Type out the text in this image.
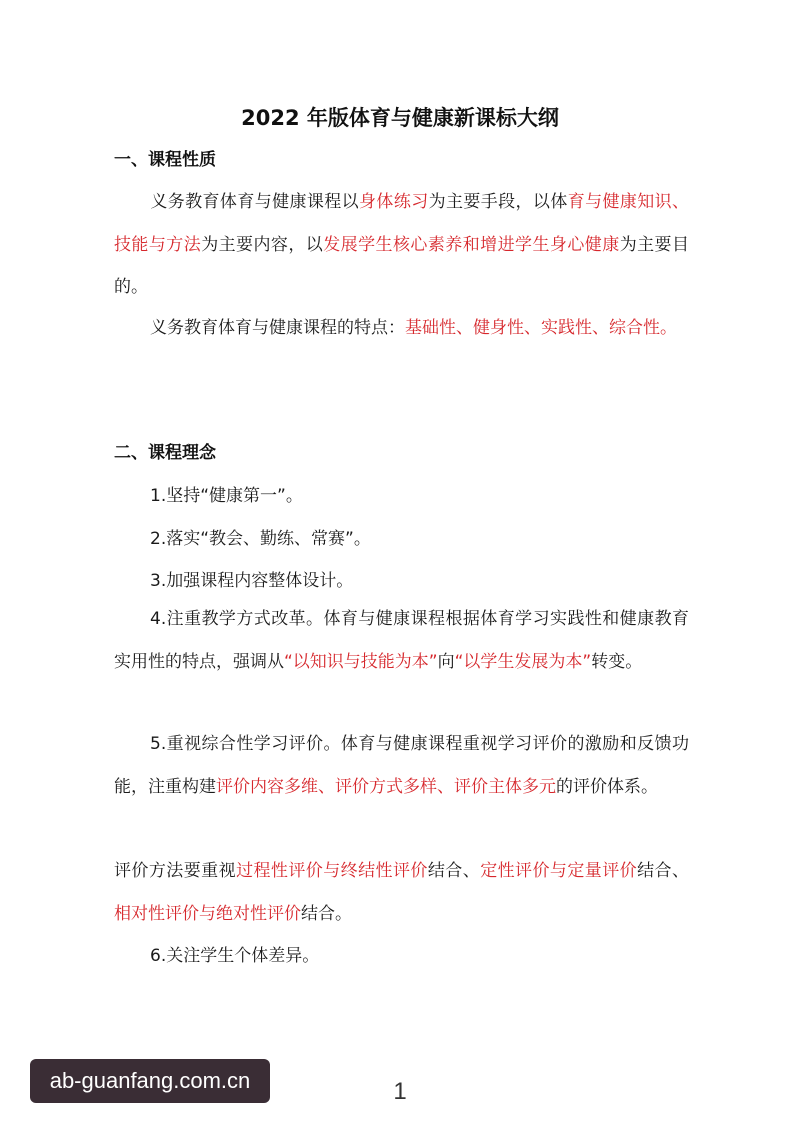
2022 年版体育与健康新课标大纲
一、课程性质

义务教育体育与健康课程以身体练习为主要手段，以体育与健康知识、技能与方法为主要内容，以发展学生核心素养和增进学生身心健康为主要目的。

义务教育体育与健康课程的特点：基础性、健身性、实践性、综合性。

二、课程理念
1.坚持“健康第一”。
2.落实“教会、勤练、常赛”。
3.加强课程内容整体设计。

4.注重教学方式改革。体育与健康课程根据体育学习实践性和健康教育实用性的特点，强调从“以知识与技能为本”向“以学生发展为本”转变。

5.重视综合性学习评价。体育与健康课程重视学习评价的激励和反馈功能，注重构建评价内容多维、评价方式多样、评价主体多元的评价体系。

评价方法要重视过程性评价与终结性评价结合、定性评价与定量评价结合、相对性评价与绝对性评价结合。

6.关注学生个体差异。
ab-guanfang.com.cn	1
